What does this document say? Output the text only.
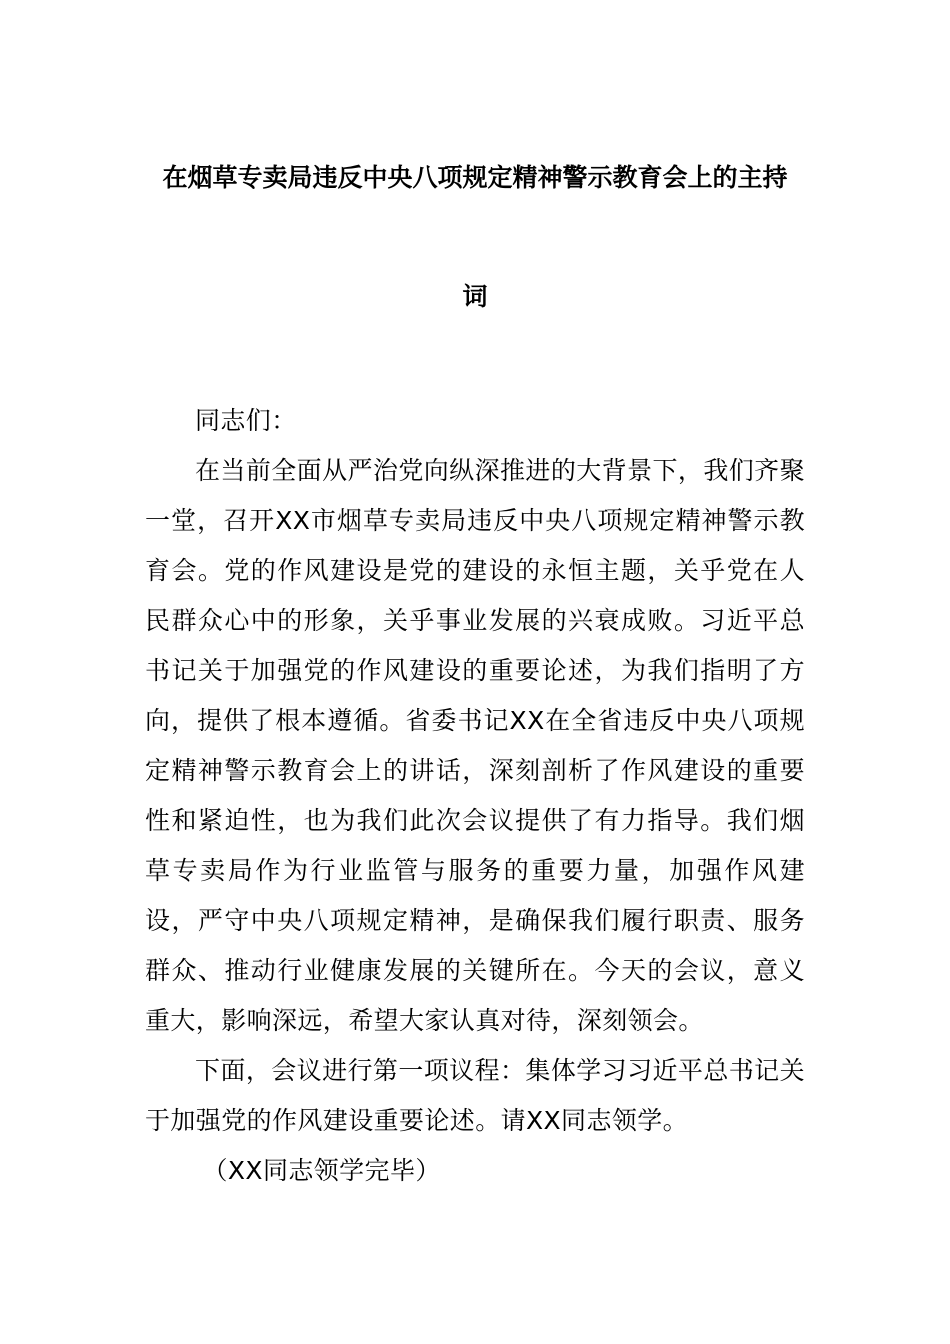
在烟草专卖局违反中央八项规定精神警示教育会上的主持
词

同志们：

在当前全面从严治党向纵深推进的大背景下，我们齐聚一堂，召开XX市烟草专卖局违反中央八项规定精神警示教育会。党的作风建设是党的建设的永恒主题，关乎党在人民群众心中的形象，关乎事业发展的兴衰成败。习近平总书记关于加强党的作风建设的重要论述，为我们指明了方向，提供了根本遵循。省委书记XX在全省违反中央八项规定精神警示教育会上的讲话，深刻剖析了作风建设的重要性和紧迫性，也为我们此次会议提供了有力指导。我们烟草专卖局作为行业监管与服务的重要力量，加强作风建设，严守中央八项规定精神，是确保我们履行职责、服务群众、推动行业健康发展的关键所在。今天的会议，意义重大，影响深远，希望大家认真对待，深刻领会。

下面，会议进行第一项议程：集体学习习近平总书记关于加强党的作风建设重要论述。请XX同志领学。

（XX同志领学完毕）
